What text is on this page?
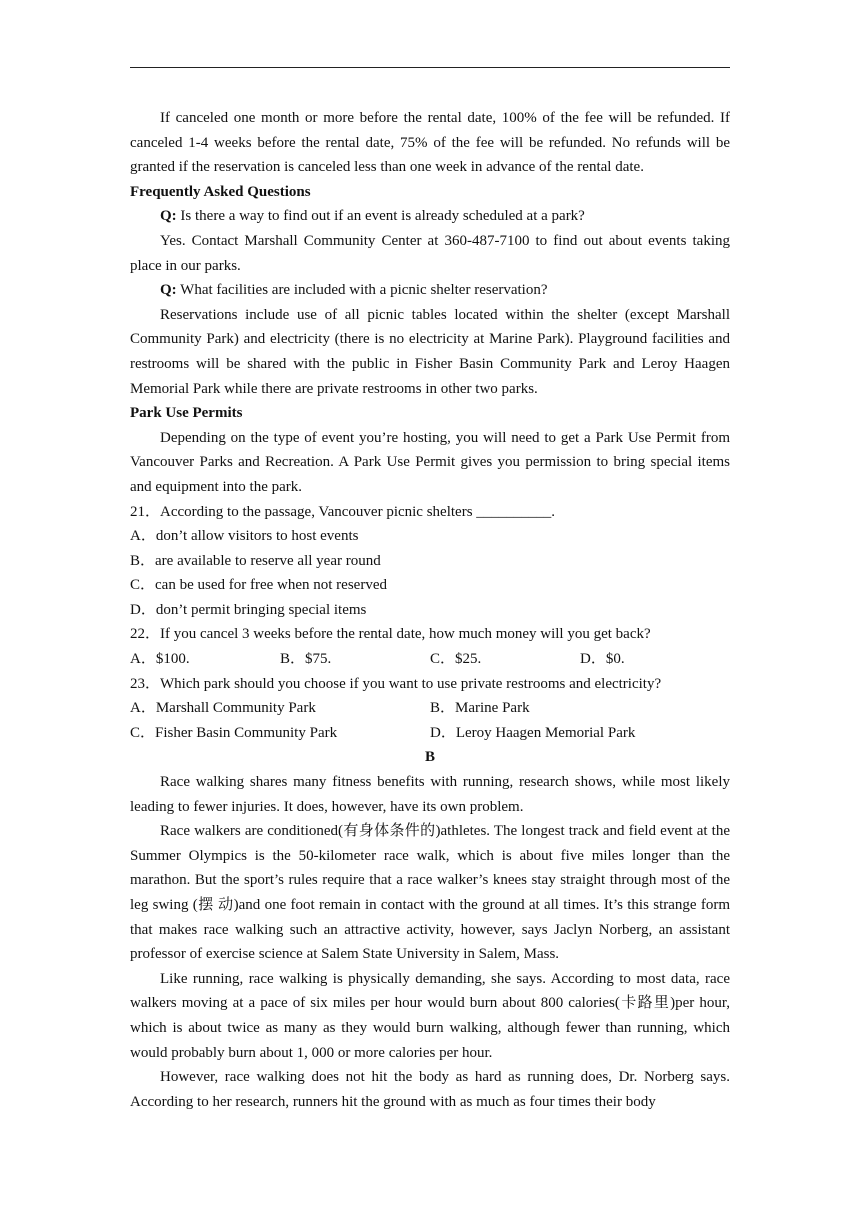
If canceled one month or more before the rental date, 100% of the fee will be refunded. If canceled 1-4 weeks before the rental date, 75% of the fee will be refunded. No refunds will be granted if the reservation is canceled less than one week in advance of the rental date.

Frequently Asked Questions

Q: Is there a way to find out if an event is already scheduled at a park?

Yes. Contact Marshall Community Center at 360-487-7100 to find out about events taking place in our parks.

Q: What facilities are included with a picnic shelter reservation?

Reservations include use of all picnic tables located within the shelter (except Marshall Community Park) and electricity (there is no electricity at Marine Park). Playground facilities and restrooms will be shared with the public in Fisher Basin Community Park and Leroy Haagen Memorial Park while there are private restrooms in other two parks.

Park Use Permits

Depending on the type of event you’re hosting, you will need to get a Park Use Permit from Vancouver Parks and Recreation. A Park Use Permit gives you permission to bring special items and equipment into the park.

21．According to the passage, Vancouver picnic shelters __________.

A．don’t allow visitors to host events

B．are available to reserve all year round

C．can be used for free when not reserved

D．don’t permit bringing special items

22．If you cancel 3 weeks before the rental date, how much money will you get back?

A．$100.	B．$75.	C．$25.	D．$0.

23．Which park should you choose if you want to use private restrooms and electricity?

A．Marshall Community Park	B．Marine Park

C．Fisher Basin Community Park	D．Leroy Haagen Memorial Park

B

Race walking shares many fitness benefits with running, research shows, while most likely leading to fewer injuries. It does, however, have its own problem.

Race walkers are conditioned(有身体条件的)athletes. The longest track and field event at the Summer Olympics is the 50-kilometer race walk, which is about five miles longer than the marathon. But the sport’s rules require that a race walker’s knees stay straight through most of the leg swing (摆 动)and one foot remain in contact with the ground at all times. It’s this strange form that makes race walking such an attractive activity, however, says Jaclyn Norberg, an assistant professor of exercise science at Salem State University in Salem, Mass.

Like running, race walking is physically demanding, she says. According to most data, race walkers moving at a pace of six miles per hour would burn about 800 calories(卡路里)per hour, which is about twice as many as they would burn walking, although fewer than running, which would probably burn about 1, 000 or more calories per hour.

However, race walking does not hit the body as hard as running does, Dr. Norberg says. According to her research, runners hit the ground with as much as four times their body
